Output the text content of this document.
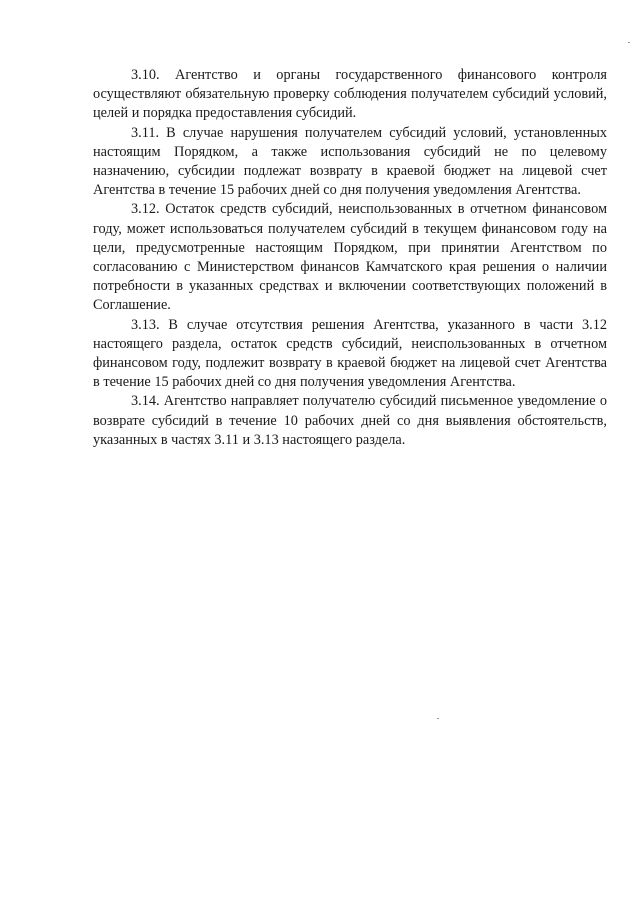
3.10. Агентство и органы государственного финансового контроля осуществляют обязательную проверку соблюдения получателем субсидий условий, целей и порядка предоставления субсидий.

3.11. В случае нарушения получателем субсидий условий, установленных настоящим Порядком, а также использования субсидий не по целевому назначению, субсидии подлежат возврату в краевой бюджет на лицевой счет Агентства в течение 15 рабочих дней со дня получения уведомления Агентства.

3.12. Остаток средств субсидий, неиспользованных в отчетном финансовом году, может использоваться получателем субсидий в текущем финансовом году на цели, предусмотренные настоящим Порядком, при принятии Агентством по согласованию с Министерством финансов Камчатского края решения о наличии потребности в указанных средствах и включении соответствующих положений в Соглашение.

3.13. В случае отсутствия решения Агентства, указанного в части 3.12 настоящего раздела, остаток средств субсидий, неиспользованных в отчетном финансовом году, подлежит возврату в краевой бюджет на лицевой счет Агентства в течение 15 рабочих дней со дня получения уведомления Агентства.

3.14. Агентство направляет получателю субсидий письменное уведомление о возврате субсидий в течение 10 рабочих дней со дня выявления обстоятельств, указанных в частях 3.11 и 3.13 настоящего раздела.
